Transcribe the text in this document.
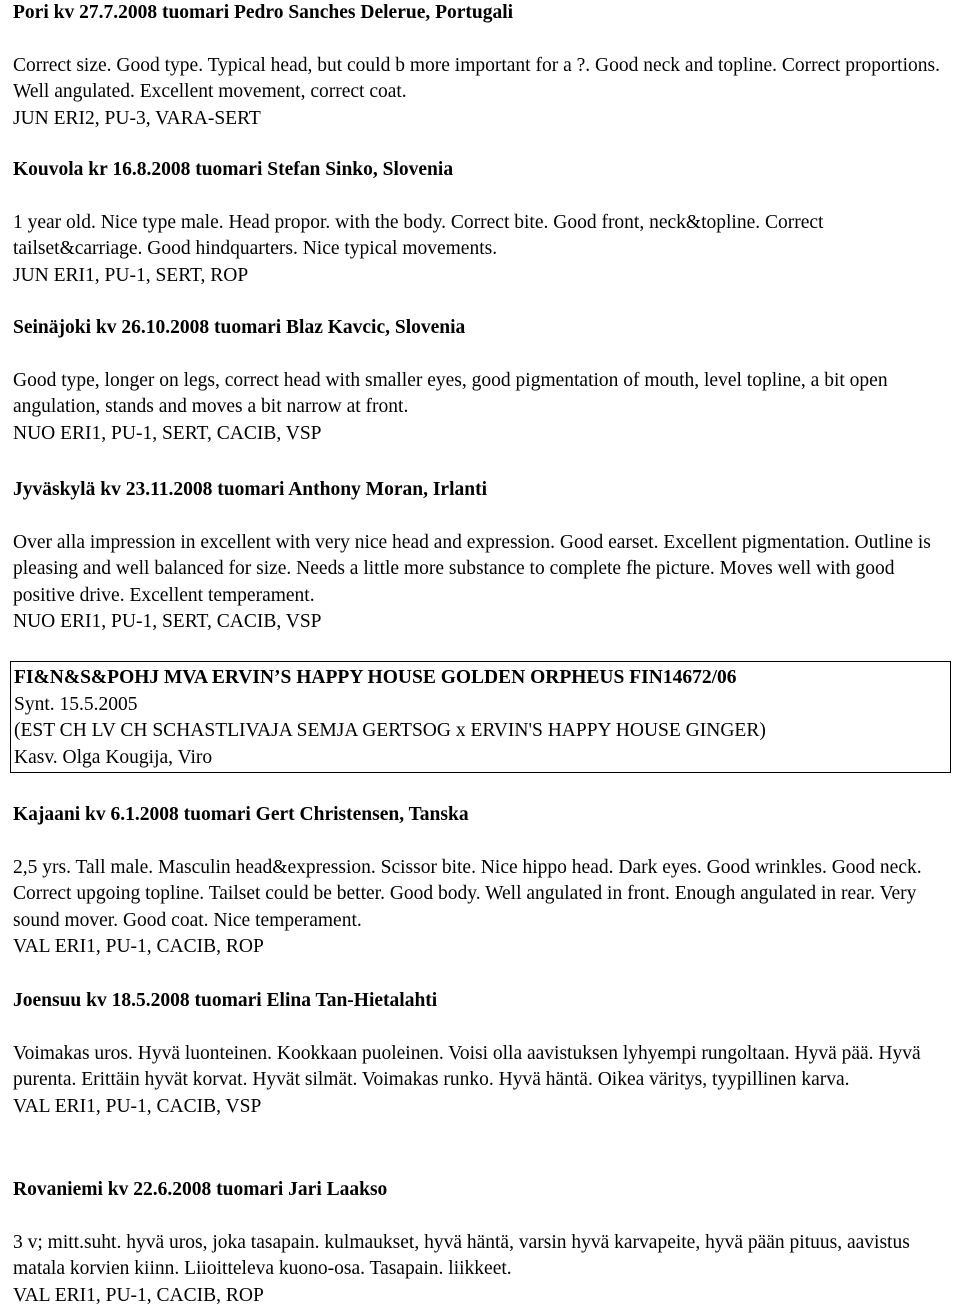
Pori kv 27.7.2008 tuomari Pedro Sanches Delerue, Portugali

Correct size. Good type. Typical head, but could b more important for a ?. Good neck and topline. Correct proportions. Well angulated. Excellent movement, correct coat.

JUN ERI2, PU-3, VARA-SERT

Kouvola kr 16.8.2008 tuomari Stefan Sinko, Slovenia

1 year old. Nice type male. Head propor. with the body. Correct bite. Good front, neck&topline. Correct tailset&carriage. Good hindquarters. Nice typical movements.

JUN ERI1, PU-1, SERT, ROP

Seinäjoki kv 26.10.2008 tuomari Blaz Kavcic, Slovenia

Good type, longer on legs, correct head with smaller eyes, good pigmentation of mouth, level topline, a bit open angulation, stands and moves a bit narrow at front.

NUO ERI1, PU-1, SERT, CACIB, VSP

Jyväskylä kv 23.11.2008 tuomari Anthony Moran, Irlanti

Over alla impression in excellent with very nice head and expression. Good earset. Excellent pigmentation. Outline is pleasing and well balanced for size. Needs a little more substance to complete fhe picture. Moves well with good positive drive. Excellent temperament.

NUO ERI1, PU-1, SERT, CACIB, VSP

FI&N&S&POHJ MVA ERVIN’S HAPPY HOUSE GOLDEN ORPHEUS FIN14672/06
Synt. 15.5.2005
(EST CH LV CH SCHASTLIVAJA SEMJA GERTSOG x ERVIN'S HAPPY HOUSE GINGER)
Kasv. Olga Kougija, Viro
Kajaani kv 6.1.2008 tuomari Gert Christensen, Tanska

2,5 yrs. Tall male. Masculin head&expression. Scissor bite. Nice hippo head. Dark eyes. Good wrinkles. Good neck. Correct upgoing topline. Tailset could be better. Good body. Well angulated in front. Enough angulated in rear. Very sound mover. Good coat. Nice temperament.

VAL ERI1, PU-1, CACIB, ROP

Joensuu kv 18.5.2008 tuomari Elina Tan-Hietalahti

Voimakas uros. Hyvä luonteinen. Kookkaan puoleinen. Voisi olla aavistuksen lyhyempi rungoltaan. Hyvä pää. Hyvä purenta. Erittäin hyvät korvat. Hyvät silmät. Voimakas runko. Hyvä häntä. Oikea väritys, tyypillinen karva.

VAL ERI1, PU-1, CACIB, VSP

Rovaniemi kv 22.6.2008 tuomari Jari Laakso

3 v; mitt.suht. hyvä uros, joka tasapain. kulmaukset, hyvä häntä, varsin hyvä karvapeite, hyvä pään pituus, aavistus matala korvien kiinn. Liioitteleva kuono-osa. Tasapain. liikkeet.

VAL ERI1, PU-1, CACIB, ROP
